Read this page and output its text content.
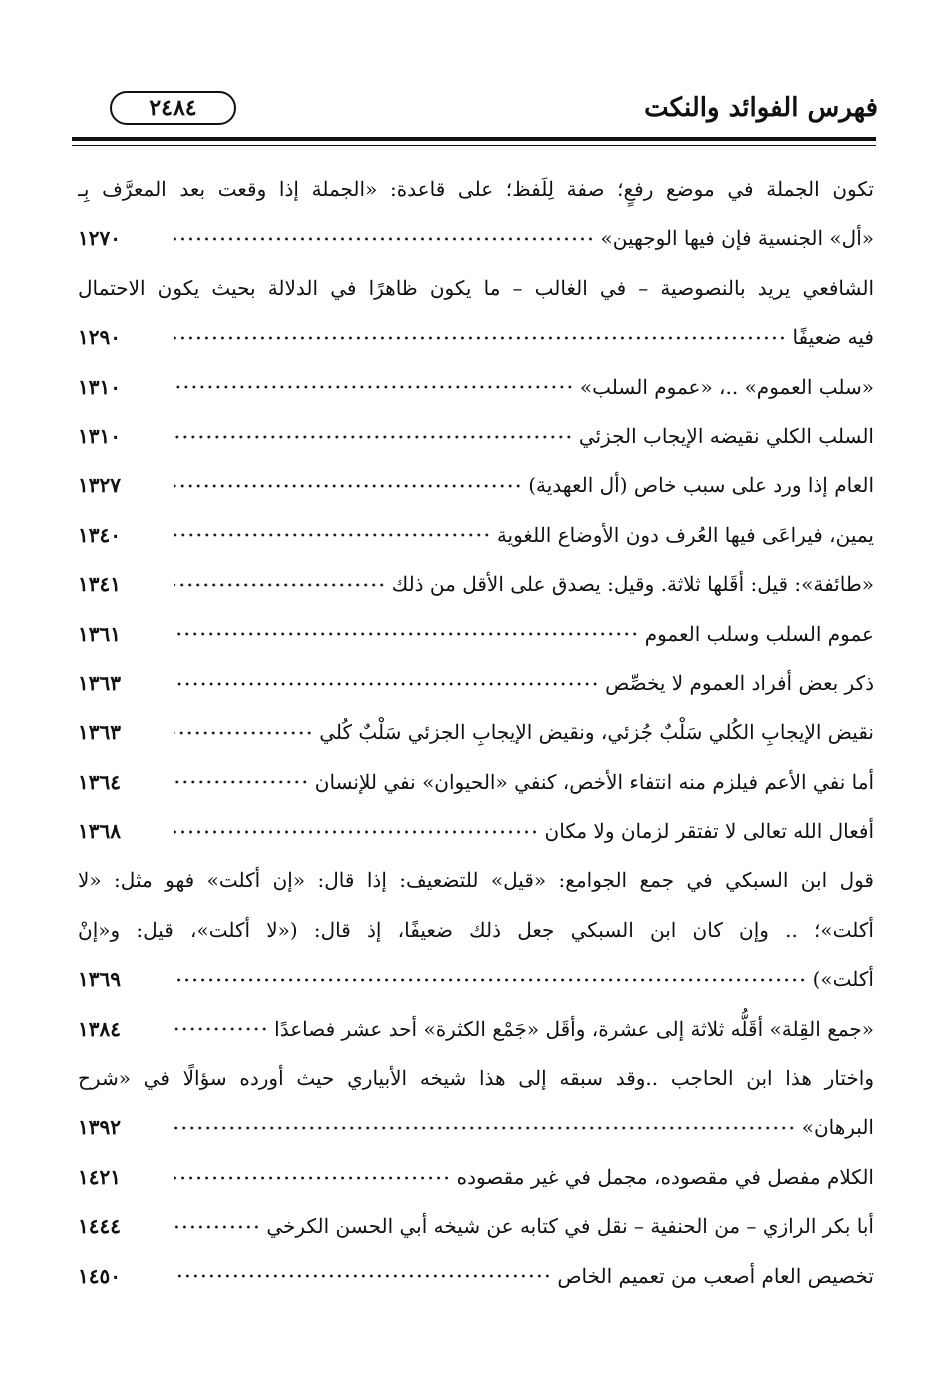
فهرس الفوائد والنكت
٢٤٨٤
تكون الجملة في موضع رفعٍ؛ صفة لِلَفظ؛ على قاعدة: «الجملة إذا وقعت بعد المعرَّف بِـ
«أل» الجنسية فإن فيها الوجهين»
١٢٧٠
الشافعي يريد بالنصوصية – في الغالب – ما يكون ظاهرًا في الدلالة بحيث يكون الاحتمال
فيه ضعيفًا
١٢٩٠
«سلب العموم» ..، «عموم السلب»
١٣١٠
السلب الكلي نقيضه الإيجاب الجزئي
١٣١٠
العام إذا ورد على سبب خاص (أل العهدية)
١٣٢٧
يمين، فيراعَى فيها العُرف دون الأوضاع اللغوية
١٣٤٠
«طائفة»: قيل: أقَلها ثلاثة. وقيل: يصدق على الأقل من ذلك
١٣٤١
عموم السلب وسلب العموم
١٣٦١
ذكر بعض أفراد العموم لا يخصِّص
١٣٦٣
نقيض الإيجابِ الكُلي سَلْبٌ جُزئي، ونقيض الإيجابِ الجزئي سَلْبٌ كُلي
١٣٦٣
أما نفي الأعم فيلزم منه انتفاء الأخص، كنفي «الحيوان» نفي للإنسان
١٣٦٤
أفعال الله تعالى لا تفتقر لزمان ولا مكان
١٣٦٨
قول ابن السبكي في جمع الجوامع: «قيل» للتضعيف: إذا قال: «إن أكلت» فهو مثل: «لا
أكلت»؛ .. وإن كان ابن السبكي جعل ذلك ضعيفًا، إذ قال: («لا أكلت»، قيل: و«إنْ
أكلت»)
١٣٦٩
«جمع القِلة» أقَلُّه ثلاثة إلى عشرة، وأقَل «جَمْع الكثرة» أحد عشر فصاعدًا
١٣٨٤
واختار هذا ابن الحاجب ..وقد سبقه إلى هذا شيخه الأبياري حيث أورده سؤالًا في «شرح
البرهان»
١٣٩٢
الكلام مفصل في مقصوده، مجمل في غير مقصوده
١٤٢١
أبا بكر الرازي – من الحنفية – نقل في كتابه عن شيخه أبي الحسن الكرخي
١٤٤٤
تخصيص العام أصعب من تعميم الخاص
١٤٥٠
